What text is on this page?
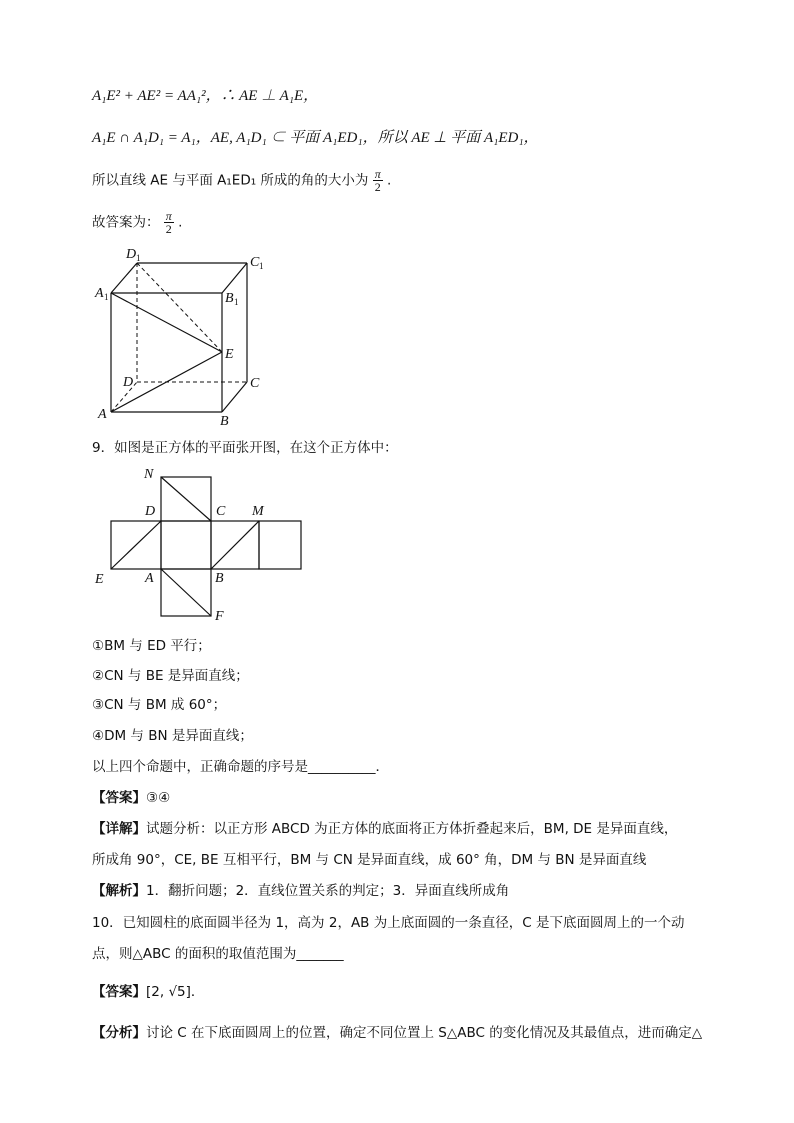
A₁E² + AE² = AA₁²，∴ AE ⊥ A₁E，
A₁E ∩ A₁D₁ = A₁，AE, A₁D₁ ⊂ 平面 A₁ED₁，所以 AE ⊥ 平面 A₁ED₁，
所以直线 AE 与平面 A₁ED₁ 所成的角的大小为 $\frac{\pi}{2}$ .
故答案为： $\frac{\pi}{2}$ .
D 1	C 1
A 1	B 1
E
D	C
A	B
9．如图是正方体的平面张开图，在这个正方体中：
N
D	C M
E	A	B
F
①BM 与 ED 平行；
②CN 与 BE 是异面直线；
③CN 与 BM 成 60°；
④DM 与 BN 是异面直线；
以上四个命题中，正确命题的序号是__________．
【答案】③④
【详解】试题分析：以正方形 ABCD 为正方体的底面将正方体折叠起来后，BM, DE 是异面直线，
所成角 90°，CE, BE 互相平行，BM 与 CN 是异面直线，成 60° 角，DM 与 BN 是异面直线
【解析】1．翻折问题；2．直线位置关系的判定；3．异面直线所成角
10．已知圆柱的底面圆半径为 1，高为 2，AB 为上底面圆的一条直径，C 是下底面圆周上的一个动
点，则△ABC 的面积的取值范围为_______
【答案】[2, √5]．
【分析】讨论 C 在下底面圆周上的位置，确定不同位置上 S△ABC 的变化情况及其最值点，进而确定△
